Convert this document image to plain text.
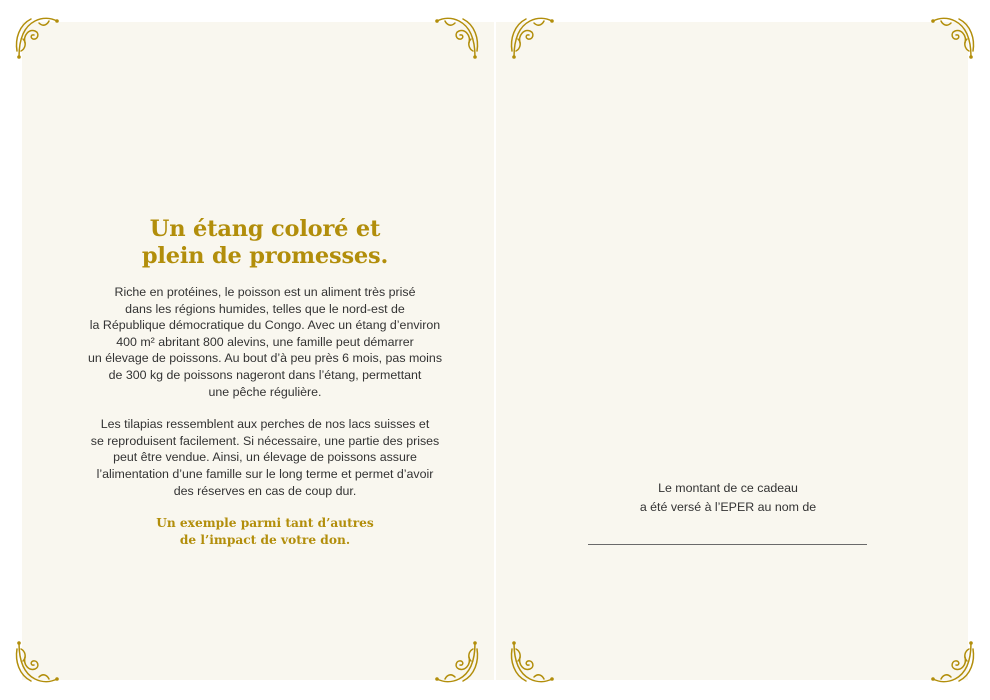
Un étang coloré et
plein de promesses.

Riche en protéines, le poisson est un aliment très prisé
dans les régions humides, telles que le nord-est de
la République démocratique du Congo. Avec un étang d’environ
400 m² abritant 800 alevins, une famille peut démarrer
un élevage de poissons. Au bout d’à peu près 6 mois, pas moins
de 300 kg de poissons nageront dans l’étang, permettant
une pêche régulière.

Les tilapias ressemblent aux perches de nos lacs suisses et
se reproduisent facilement. Si nécessaire, une partie des prises
peut être vendue. Ainsi, un élevage de poissons assure
l’alimentation d’une famille sur le long terme et permet d’avoir
des réserves en cas de coup dur.

Un exemple parmi tant d’autres
de l’impact de votre don.
Le montant de ce cadeau
a été versé à l’EPER au nom de
